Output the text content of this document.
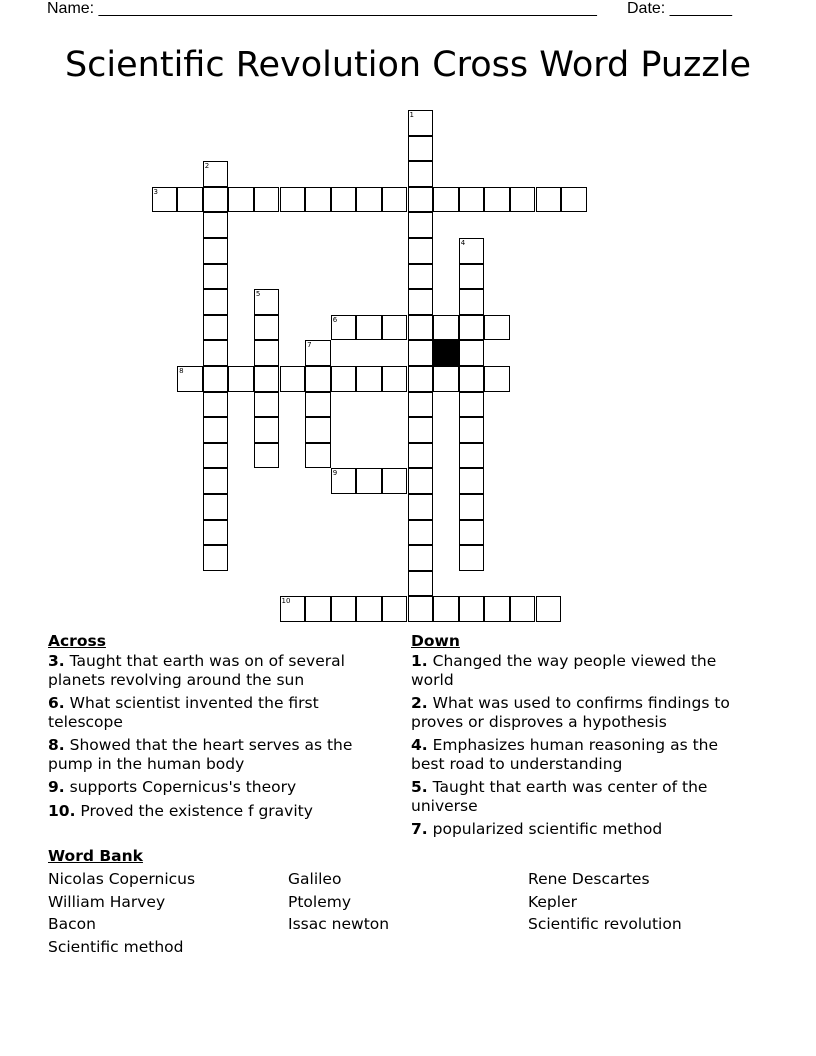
Name: ________________________________________________________ Date: _______
Scientific Revolution Cross Word Puzzle
1
2
3
4
5
6
7
8
9
10
Across
3. Taught that earth was on of several planets revolving around the sun
6. What scientist invented the first telescope
8. Showed that the heart serves as the pump in the human body
9. supports Copernicus's theory
10. Proved the existence f gravity
Down
1. Changed the way people viewed the world
2. What was used to confirms findings to proves or disproves a hypothesis
4. Emphasizes human reasoning as the best road to understanding
5. Taught that earth was center of the universe
7. popularized scientific method
Word Bank
Nicolas Copernicus	Galileo	Rene Descartes
William Harvey	Ptolemy	Kepler
Bacon	Issac newton	Scientific revolution
Scientific method
